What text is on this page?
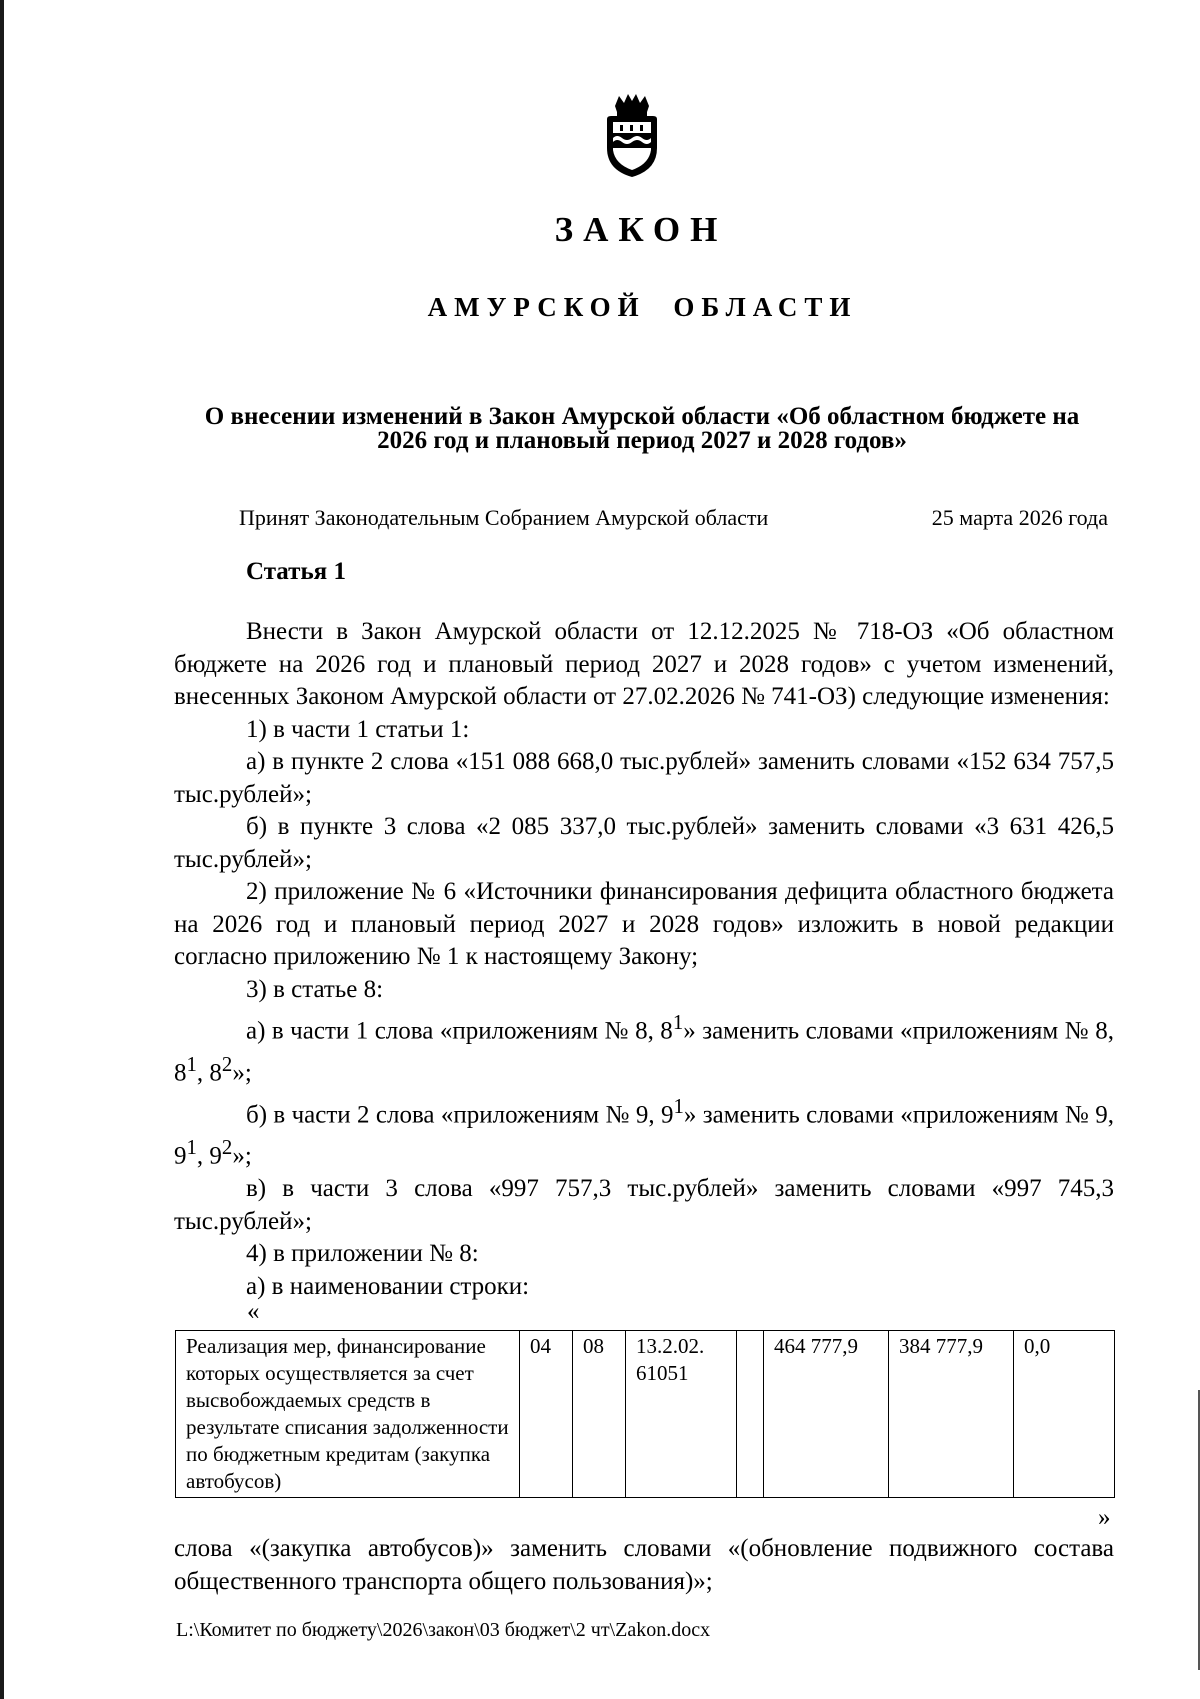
ЗАКОН
АМУРСКОЙ ОБЛАСТИ
О внесении изменений в Закон Амурской области «Об областном бюджете на 2026 год и плановый период 2027 и 2028 годов»
Принят Законодательным Собранием Амурской области	25 марта 2026 года
Статья 1

Внести в Закон Амурской области от 12.12.2025 № 718-ОЗ «Об областном бюджете на 2026 год и плановый период 2027 и 2028 годов» с учетом изменений, внесенных Законом Амурской области от 27.02.2026 № 741-ОЗ) следующие изменения:

1) в части 1 статьи 1:

а) в пункте 2 слова «151 088 668,0 тыс.рублей» заменить словами «152 634 757,5 тыс.рублей»;

б) в пункте 3 слова «2 085 337,0 тыс.рублей» заменить словами «3 631 426,5 тыс.рублей»;

2) приложение № 6 «Источники финансирования дефицита областного бюджета на 2026 год и плановый период 2027 и 2028 годов» изложить в новой редакции согласно приложению № 1 к настоящему Закону;

3) в статье 8:

а) в части 1 слова «приложениям № 8, $8^1$» заменить словами «приложениям № 8, $8^1$, $8^2$»;

б) в части 2 слова «приложениям № 9, $9^1$» заменить словами «приложениям № 9, $9^1$, $9^2$»;

в) в части 3 слова «997 757,3 тыс.рублей» заменить словами «997 745,3 тыс.рублей»;

4) в приложении № 8:

а) в наименовании строки:

«
Реализация мер, финансирование которых осуществляется за счет высвобождаемых средств в результате списания задолженности по бюджетным кредитам (закупка автобусов)	04	08	13.2.02. 61051		464 777,9	384 777,9	0,0
»

слова «(закупка автобусов)» заменить словами «(обновление подвижного состава общественного транспорта общего пользования)»;

L:\Комитет по бюджету\2026\закон\03 бюджет\2 чт\Zakon.docx
